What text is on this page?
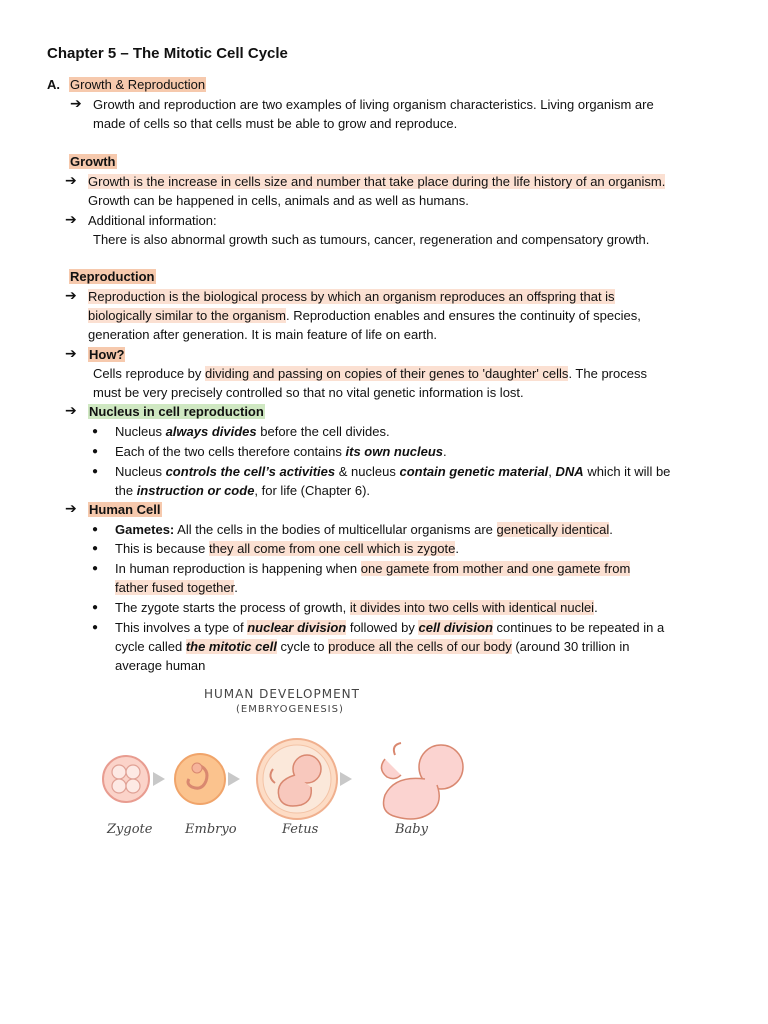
Chapter 5 – The Mitotic Cell Cycle
A. Growth & Reproduction
➔ Growth and reproduction are two examples of living organism characteristics. Living organism are
made of cells so that cells must be able to grow and reproduce.
Growth
➔ Growth is the increase in cells size and number that take place during the life history of an organism.
Growth can be happened in cells, animals and as well as humans.
➔ Additional information:
There is also abnormal growth such as tumours, cancer, regeneration and compensatory growth.
Reproduction
➔ Reproduction is the biological process by which an organism reproduces an offspring that is
biologically similar to the organism. Reproduction enables and ensures the continuity of species,
generation after generation. It is main feature of life on earth.
➔ How?
Cells reproduce by dividing and passing on copies of their genes to 'daughter' cells. The process
must be very precisely controlled so that no vital genetic information is lost.
➔ Nucleus in cell reproduction
● Nucleus always divides before the cell divides.
● Each of the two cells therefore contains its own nucleus.
● Nucleus controls the cell’s activities & nucleus contain genetic material, DNA which it will be
the instruction or code, for life (Chapter 6).
➔ Human Cell
● Gametes: All the cells in the bodies of multicellular organisms are genetically identical.
● This is because they all come from one cell which is zygote.
● In human reproduction is happening when one gamete from mother and one gamete from
father fused together.
● The zygote starts the process of growth, it divides into two cells with identical nuclei.
● This involves a type of nuclear division followed by cell division continues to be repeated in a
cycle called the mitotic cell cycle to produce all the cells of our body (around 30 trillion in
average human
HUMAN DEVELOPMENT
(EMBRYOGENESIS)
Zygote	Embryo	Fetus	Baby
